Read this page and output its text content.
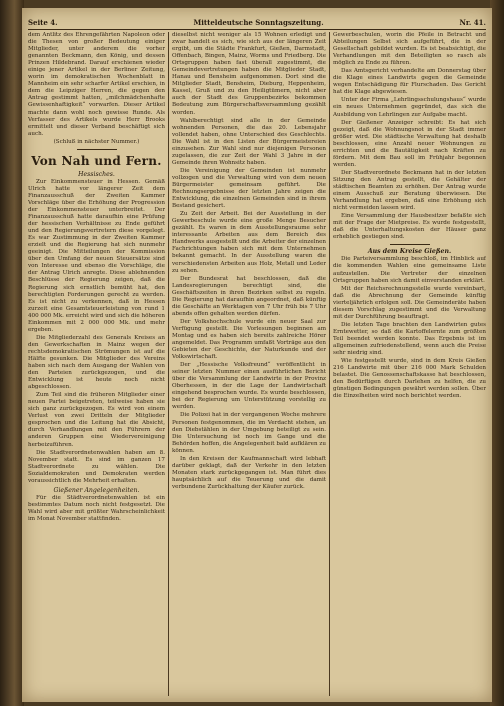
Seite 4.	Mitteldeutsche Sonntagszeitung.	Nr. 41.

dem Antlitz des Ehrengefährten Napoleon oder die Thesen von großer Bedeutung einiger Mitglieder, unter anderem die vorher genannten Beckmann, den König, und dessen Prinzen Hildebrand. Darauf erschienen wieder einige jener Artikel in der Berliner Zeitung, worin im demokratischen Wochenblatt in Mannheim ein sehr scharfer Artikel erschien, in dem die Leipziger Herren, die gegen den Antrag gestimmt hatten, „milchmädchenhafte Gewissenhaftigkeit“ vorwarfen. Dieser Artikel machte dann wohl noch gewisse Runde. Als Verfasser des Artikels wurde Herr Brooks ermittelt und dieser Verband beschäftigt sich auch.

(Schluß in nächster Nummer.)

Von Nah und Fern.
Hessisches.

Zur Einkommensteuer in Hessen. Gemäß Ulrich hatte vor längerer Zeit dem Finanzausschuß der Zweiten Kammer Vorschläge über die Erhöhung der Progression der Einkommensteuer unterbreitet. Der Finanzausschuß hatte daraufhin eine Prüfung der hessischen Verhältnisse zu Ende geführt und den Regierungsvertretern diese vorgelegt. Es war Zustimmung in der Zweiten Kammer erzielt und die Regierung hat sich nunmehr geeinigt. Die Mitteilungen der Kommission über den Umfang der neuen Steuersätze sind von Interesse und ebenso die Vorschläge, die der Antrag Ulrich anregte. Diese ablehnenden Beschlüsse der Regierung zeigen, daß die Regierung sich ernstlich bemüht hat, den berechtigten Forderungen gerecht zu werden. Es ist nicht zu verkennen, daß in Hessen zurzeit eine Gesamtsteuerleistung von rund 1 400 000 Mk. erreicht wird und sich die höheren Einkommen mit 2 000 000 Mk. und mehr ergeben.

Die Mitgliederzahl des Generals Kreises an den Gewerkschaften in Mainz wegen der rechtsdemokratischen Strömungen ist auf die Hälfte gesunken. Die Mitglieder des Vereins haben sich nach dem Ausgang der Wahlen von den Parteien zurückgezogen, und die Entwicklung ist heute noch nicht abgeschlossen.

Zum Teil sind die früheren Mitglieder einer neuen Partei beigetreten, teilweise haben sie sich ganz zurückgezogen. Es wird von einem Verlust von zwei Dritteln der Mitglieder gesprochen und die Leitung hat die Absicht, durch Verhandlungen mit den Führern der anderen Gruppen eine Wiedervereinigung herbeizuführen.

Die Stadtverordnetenwahlen haben am 8. November statt. Es sind im ganzen 17 Stadtverordnete zu wählen. Die Sozialdemokraten und Demokraten werden voraussichtlich die Mehrheit erhalten.

Gießener Angelegenheiten.

Für die Städtverordnetenwahlen ist ein bestimmtes Datum noch nicht festgesetzt. Die Wahl wird aber mit größter Wahrscheinlichkeit im Monat November stattfinden.

dieselbst nicht weniger als 15 Wohnen erledigt und zwar handelt es sich, wie sich aus der längeren Zeit ergibt, um die Städte Frankfurt, Gießen, Darmstadt, Offenbach, Bingen, Mainz, Worms und Friedberg. Die Ortsgruppen haben fast überall zugestimmt, die Gemeindevertretungen haben die Mitglieder Stadt, Hanau und Bensheim aufgenommen. Dort sind die Mitglieder Stadt, Bensheim, Dieburg, Heppenheim, Kassel, Gruß und zu den Heiligtümern, nicht aber auch der Stadt des Gruppenbezirks bekommen Bedeutung zum Bürgerschaftsversammlung gezählt worden.

Wahlberechtigt sind alle in der Gemeinde wohnenden Personen, die das 20. Lebensjahr vollendet haben, ohne Unterschied des Geschlechts. Die Wahl ist in den Listen der Bürgermeistereien einzusehen. Zur Wahl sind nur diejenigen Personen zugelassen, die zur Zeit der Wahl 3 Jahre in der Gemeinde ihren Wohnsitz haben.

Die Vereinigung der Gemeinden ist nunmehr vollzogen und die Verwaltung wird von dem neuen Bürgermeister gemeinsam geführt. Die Rechnungsergebnisse der letzten Jahre zeigen die Entwicklung, die einzelnen Gemeinden sind in ihrem Bestand gesichert.

Zu Zeit der Arbeit. Bei der Ausstellung in der Gewerbeschule wurde eine große Menge Besucher gezählt. Es waren in dem Ausstellungsraume sehr interessante Arbeiten aus dem Bereich des Handwerks ausgestellt und die Arbeiter der einzelnen Fachrichtungen haben sich mit dem Unternehmen bekannt gemacht. In der Ausstellung waren die verschiedensten Arbeiten aus Holz, Metall und Leder zu sehen.

Der Bundesrat hat beschlossen, daß die Landesregierungen berechtigt sind, die Geschäftszeiten in ihren Bezirken selbst zu regeln. Die Regierung hat daraufhin angeordnet, daß künftig die Geschäfte an Werktagen von 7 Uhr früh bis 7 Uhr abends offen gehalten werden dürfen.

Der Volkshochschule wurde ein neuer Saal zur Verfügung gestellt. Die Vorlesungen beginnen am Montag und es haben sich bereits zahlreiche Hörer angemeldet. Das Programm umfaßt Vorträge aus den Gebieten der Geschichte, der Naturkunde und der Volkswirtschaft.

Der „Hessische Volksfreund“ veröffentlicht in seiner letzten Nummer einen ausführlichen Bericht über die Versammlung der Landwirte in der Provinz Oberhessen, in der die Lage der Landwirtschaft eingehend besprochen wurde. Es wurde beschlossen, bei der Regierung um Unterstützung vorstellig zu werden.

Die Polizei hat in der vergangenen Woche mehrere Personen festgenommen, die im Verdacht stehen, an den Diebstählen in der Umgebung beteiligt zu sein. Die Untersuchung ist noch im Gange und die Behörden hoffen, die Angelegenheit bald aufklären zu können.

In den Kreisen der Kaufmannschaft wird lebhaft darüber geklagt, daß der Verkehr in den letzten Monaten stark zurückgegangen ist. Man führt dies hauptsächlich auf die Teuerung und die damit verbundene Zurückhaltung der Käufer zurück.

Gewerbeschulen, worin die Pfeile in Betracht und Abteilungen Selbst sich aufgeführt, die in der Gesellschaft gebildet wurden. Es ist beabsichtigt, die Verhandlungen mit den Beteiligten so rasch als möglich zu Ende zu führen.

Das Amtsgericht verhandelte am Donnerstag über die Klage eines Landwirts gegen die Gemeinde wegen Entschädigung für Flurschaden. Das Gericht hat die Klage abgewiesen.

Unter der Firma „Lehrlingsschulungshaus“ wurde ein neues Unternehmen gegründet, das sich die Ausbildung von Lehrlingen zur Aufgabe macht.

Der Gießener Anzeiger schreibt: Es hat sich gezeigt, daß die Wohnungsnot in der Stadt immer größer wird. Die städtische Verwaltung hat deshalb beschlossen, eine Anzahl neuer Wohnungen zu errichten und die Bautätigkeit nach Kräften zu fördern. Mit dem Bau soll im Frühjahr begonnen werden.

Der Stadtverordnete Beckmann hat in der letzten Sitzung den Antrag gestellt, die Gehälter der städtischen Beamten zu erhöhen. Der Antrag wurde einem Ausschuß zur Beratung überwiesen. Die Verhandlung hat ergeben, daß eine Erhöhung sich nicht vermeiden lassen wird.

Eine Versammlung der Hausbesitzer befaßte sich mit der Frage der Mietpreise. Es wurde festgestellt, daß die Unterhaltungskosten der Häuser ganz erheblich gestiegen sind.

Aus dem Kreise Gießen.

Die Parteiversammlung beschloß, im Hinblick auf die kommenden Wahlen eine gemeinsame Liste aufzustellen. Die Vertreter der einzelnen Ortsgruppen haben sich damit einverstanden erklärt.

Mit der Reichsrechnungsstelle wurde vereinbart, daß die Abrechnung der Gemeinde künftig vierteljährlich erfolgen soll. Die Gemeinderäte haben diesem Vorschlag zugestimmt und die Verwaltung mit der Durchführung beauftragt.

Die letzten Tage brachten den Landwirten gutes Erntewetter, so daß die Kartoffelernte zum größten Teil beendet werden konnte. Das Ergebnis ist im allgemeinen zufriedenstellend, wenn auch die Preise sehr niedrig sind.

Wie festgestellt wurde, sind in dem Kreis Gießen 216 Landwirte mit über 216 000 Mark Schulden belastet. Die Genossenschaftskasse hat beschlossen, den Bedürftigen durch Darlehen zu helfen, die zu günstigen Bedingungen gewährt werden sollen. Über die Einzelheiten wird noch berichtet werden.
